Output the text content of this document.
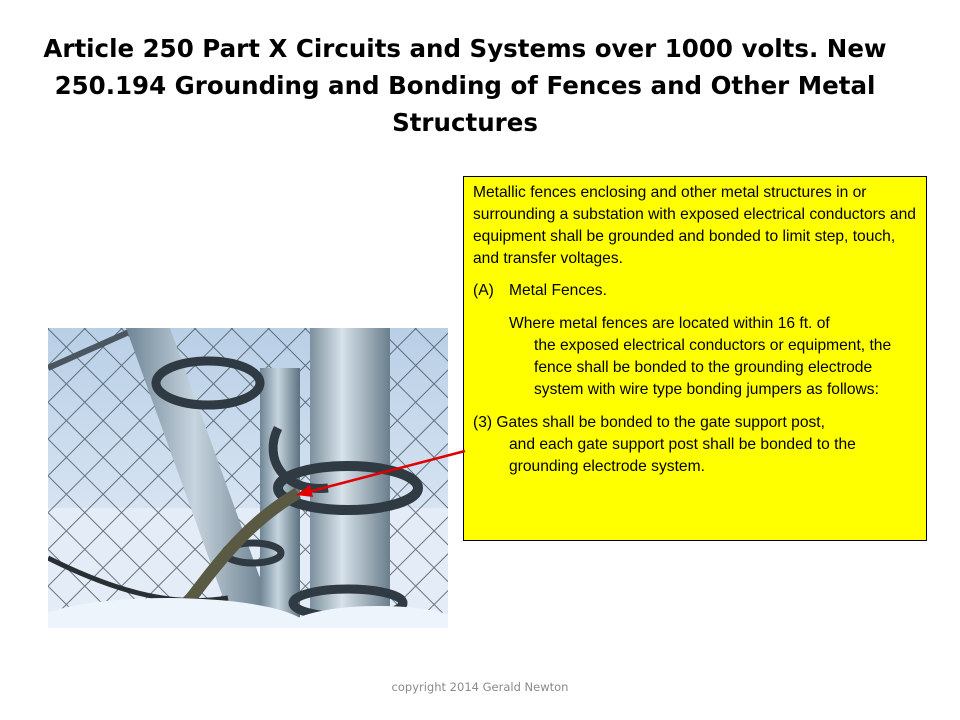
Article 250 Part X Circuits and Systems over 1000 volts. New
250.194 Grounding and Bonding of Fences and Other Metal
Structures

Metallic fences enclosing and other metal structures in or surrounding a substation with exposed electrical conductors and equipment shall be grounded and bonded to limit step, touch, and transfer voltages.

(A) Metal Fences.

Where metal fences are located within 16 ft. of
the exposed electrical conductors or equipment, the fence shall be bonded to the grounding electrode system with wire type bonding jumpers as follows:

(3) Gates shall be bonded to the gate support post,
and each gate support post shall be bonded to the grounding electrode system.

copyright 2014 Gerald Newton
